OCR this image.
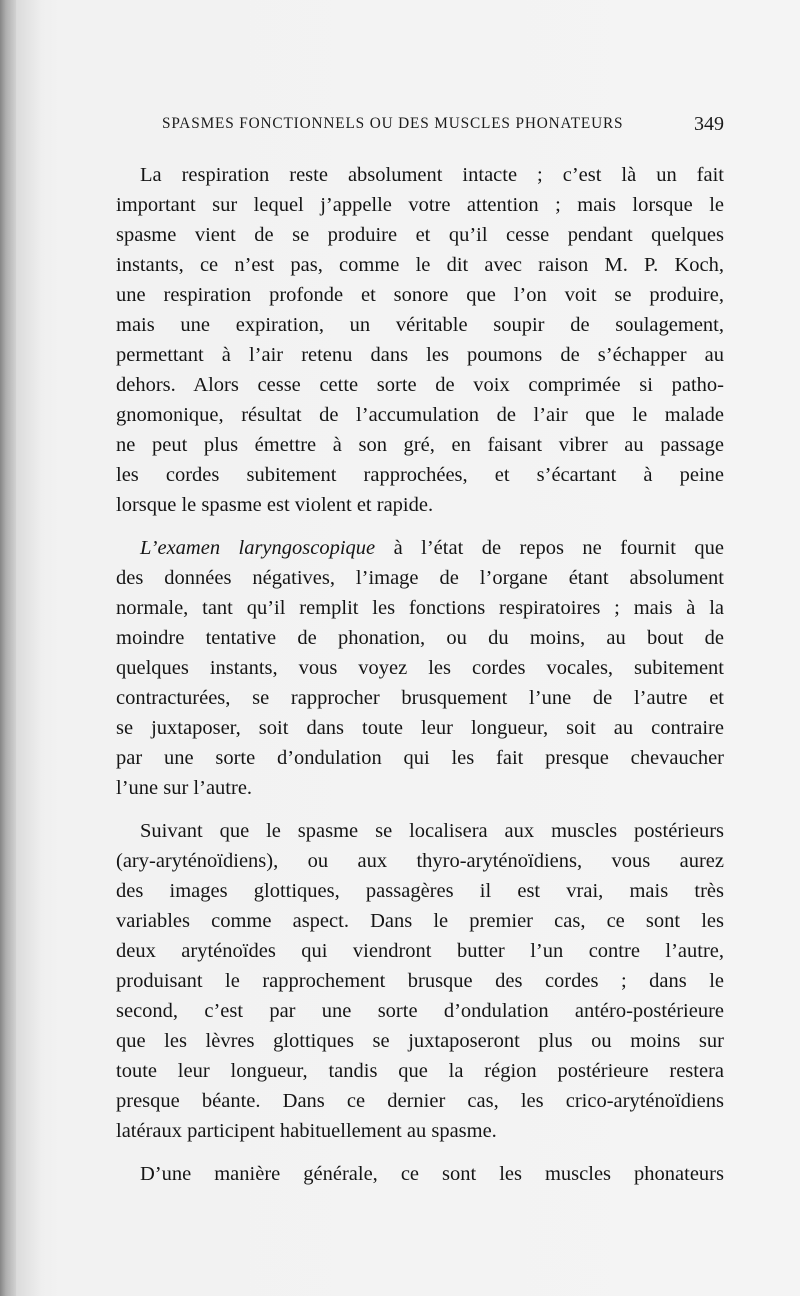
SPASMES FONCTIONNELS OU DES MUSCLES PHONATEURS	349
La respiration reste absolument intacte ; c’est là un fait
important sur lequel j’appelle votre attention ; mais lorsque le
spasme vient de se produire et qu’il cesse pendant quelques
instants, ce n’est pas, comme le dit avec raison M. P. Koch,
une respiration profonde et sonore que l’on voit se produire,
mais une expiration, un véritable soupir de soulagement,
permettant à l’air retenu dans les poumons de s’échapper au
dehors. Alors cesse cette sorte de voix comprimée si patho-
gnomonique, résultat de l’accumulation de l’air que le malade
ne peut plus émettre à son gré, en faisant vibrer au passage
les cordes subitement rapprochées, et s’écartant à peine
lorsque le spasme est violent et rapide.
L’examen laryngoscopique à l’état de repos ne fournit que
des données négatives, l’image de l’organe étant absolument
normale, tant qu’il remplit les fonctions respiratoires ; mais à la
moindre tentative de phonation, ou du moins, au bout de
quelques instants, vous voyez les cordes vocales, subitement
contracturées, se rapprocher brusquement l’une de l’autre et
se juxtaposer, soit dans toute leur longueur, soit au contraire
par une sorte d’ondulation qui les fait presque chevaucher
l’une sur l’autre.
Suivant que le spasme se localisera aux muscles postérieurs
(ary-aryténoïdiens), ou aux thyro-aryténoïdiens, vous aurez
des images glottiques, passagères il est vrai, mais très
variables comme aspect. Dans le premier cas, ce sont les
deux aryténoïdes qui viendront butter l’un contre l’autre,
produisant le rapprochement brusque des cordes ; dans le
second, c’est par une sorte d’ondulation antéro-postérieure
que les lèvres glottiques se juxtaposeront plus ou moins sur
toute leur longueur, tandis que la région postérieure restera
presque béante. Dans ce dernier cas, les crico-aryténoïdiens
latéraux participent habituellement au spasme.
D’une manière générale, ce sont les muscles phonateurs
